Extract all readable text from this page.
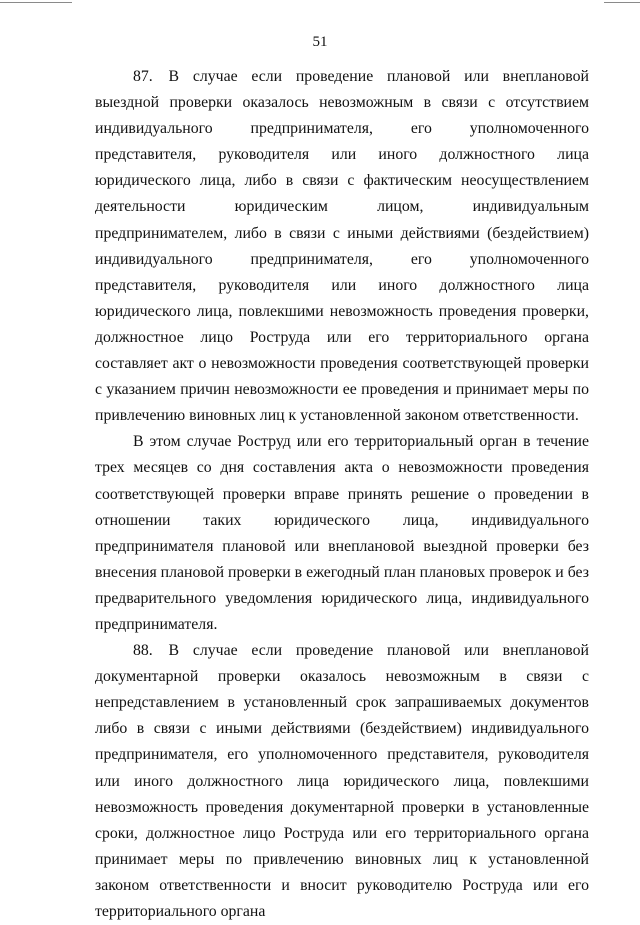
51

87. В случае если проведение плановой или внеплановой выездной проверки оказалось невозможным в связи с отсутствием индивидуального предпринимателя, его уполномоченного представителя, руководителя или иного должностного лица юридического лица, либо в связи с фактическим неосуществлением деятельности юридическим лицом, индивидуальным предпринимателем, либо в связи с иными действиями (бездействием) индивидуального предпринимателя, его уполномоченного представителя, руководителя или иного должностного лица юридического лица, повлекшими невозможность проведения проверки, должностное лицо Роструда или его территориального органа составляет акт о невозможности проведения соответствующей проверки с указанием причин невозможности ее проведения и принимает меры по привлечению виновных лиц к установленной законом ответственности.

В этом случае Роструд или его территориальный орган в течение трех месяцев со дня составления акта о невозможности проведения соответствующей проверки вправе принять решение о проведении в отношении таких юридического лица, индивидуального предпринимателя плановой или внеплановой выездной проверки без внесения плановой проверки в ежегодный план плановых проверок и без предварительного уведомления юридического лица, индивидуального предпринимателя.

88. В случае если проведение плановой или внеплановой документарной проверки оказалось невозможным в связи с непредставлением в установленный срок запрашиваемых документов либо в связи с иными действиями (бездействием) индивидуального предпринимателя, его уполномоченного представителя, руководителя или иного должностного лица юридического лица, повлекшими невозможность проведения документарной проверки в установленные сроки, должностное лицо Роструда или его территориального органа принимает меры по привлечению виновных лиц к установленной законом ответственности и вносит руководителю Роструда или его территориального органа
